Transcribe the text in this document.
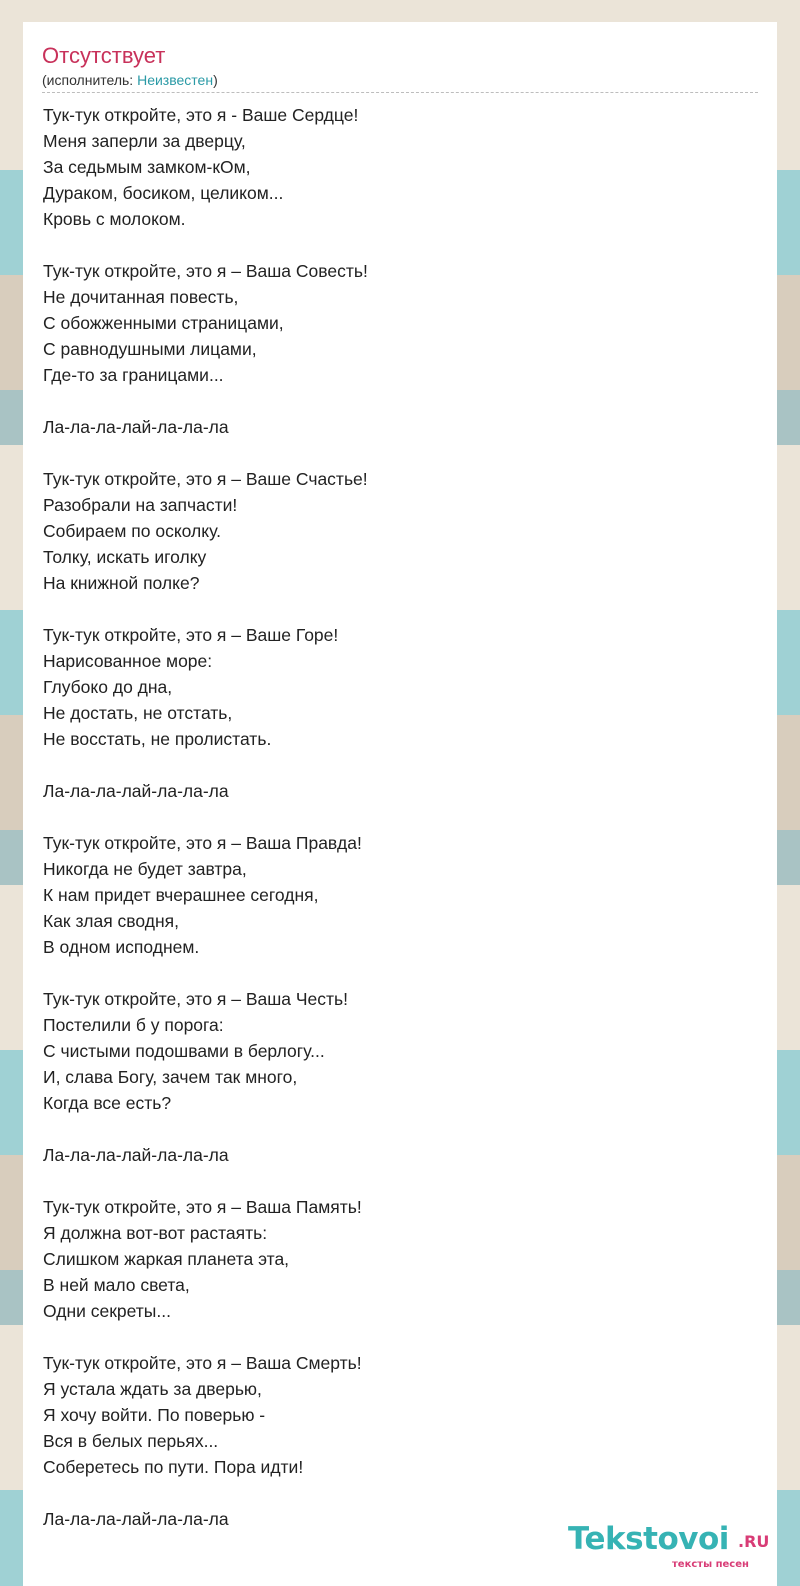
Отсутствует
(исполнитель: Неизвестен)
Тук-тук откройте, это я - Ваше Сердце!
Меня заперли за дверцу,
За седьмым замком-кОм,
Дураком, босиком, целиком...
Кровь с молоком.
Тук-тук откройте, это я – Ваша Совесть!
Не дочитанная повесть,
С обожженными страницами,
С равнодушными лицами,
Где-то за границами...
Ла-ла-ла-лай-ла-ла-ла
Тук-тук откройте, это я – Ваше Счастье!
Разобрали на запчасти!
Собираем по осколку.
Толку, искать иголку
На книжной полке?
Тук-тук откройте, это я – Ваше Горе!
Нарисованное море:
Глубоко до дна,
Не достать, не отстать,
Не восстать, не пролистать.
Ла-ла-ла-лай-ла-ла-ла
Тук-тук откройте, это я – Ваша Правда!
Никогда не будет завтра,
К нам придет вчерашнее сегодня,
Как злая сводня,
В одном исподнем.
Тук-тук откройте, это я – Ваша Честь!
Постелили б у порога:
С чистыми подошвами в берлогу...
И, слава Богу, зачем так много,
Когда все есть?
Ла-ла-ла-лай-ла-ла-ла
Тук-тук откройте, это я – Ваша Память!
Я должна вот-вот растаять:
Слишком жаркая планета эта,
В ней мало света,
Одни секреты...
Тук-тук откройте, это я – Ваша Смерть!
Я устала ждать за дверью,
Я хочу войти. По поверью -
Вся в белых перьях...
Соберетесь по пути. Пора идти!
Ла-ла-ла-лай-ла-ла-ла
Tekstovoi .RU
тексты песен
